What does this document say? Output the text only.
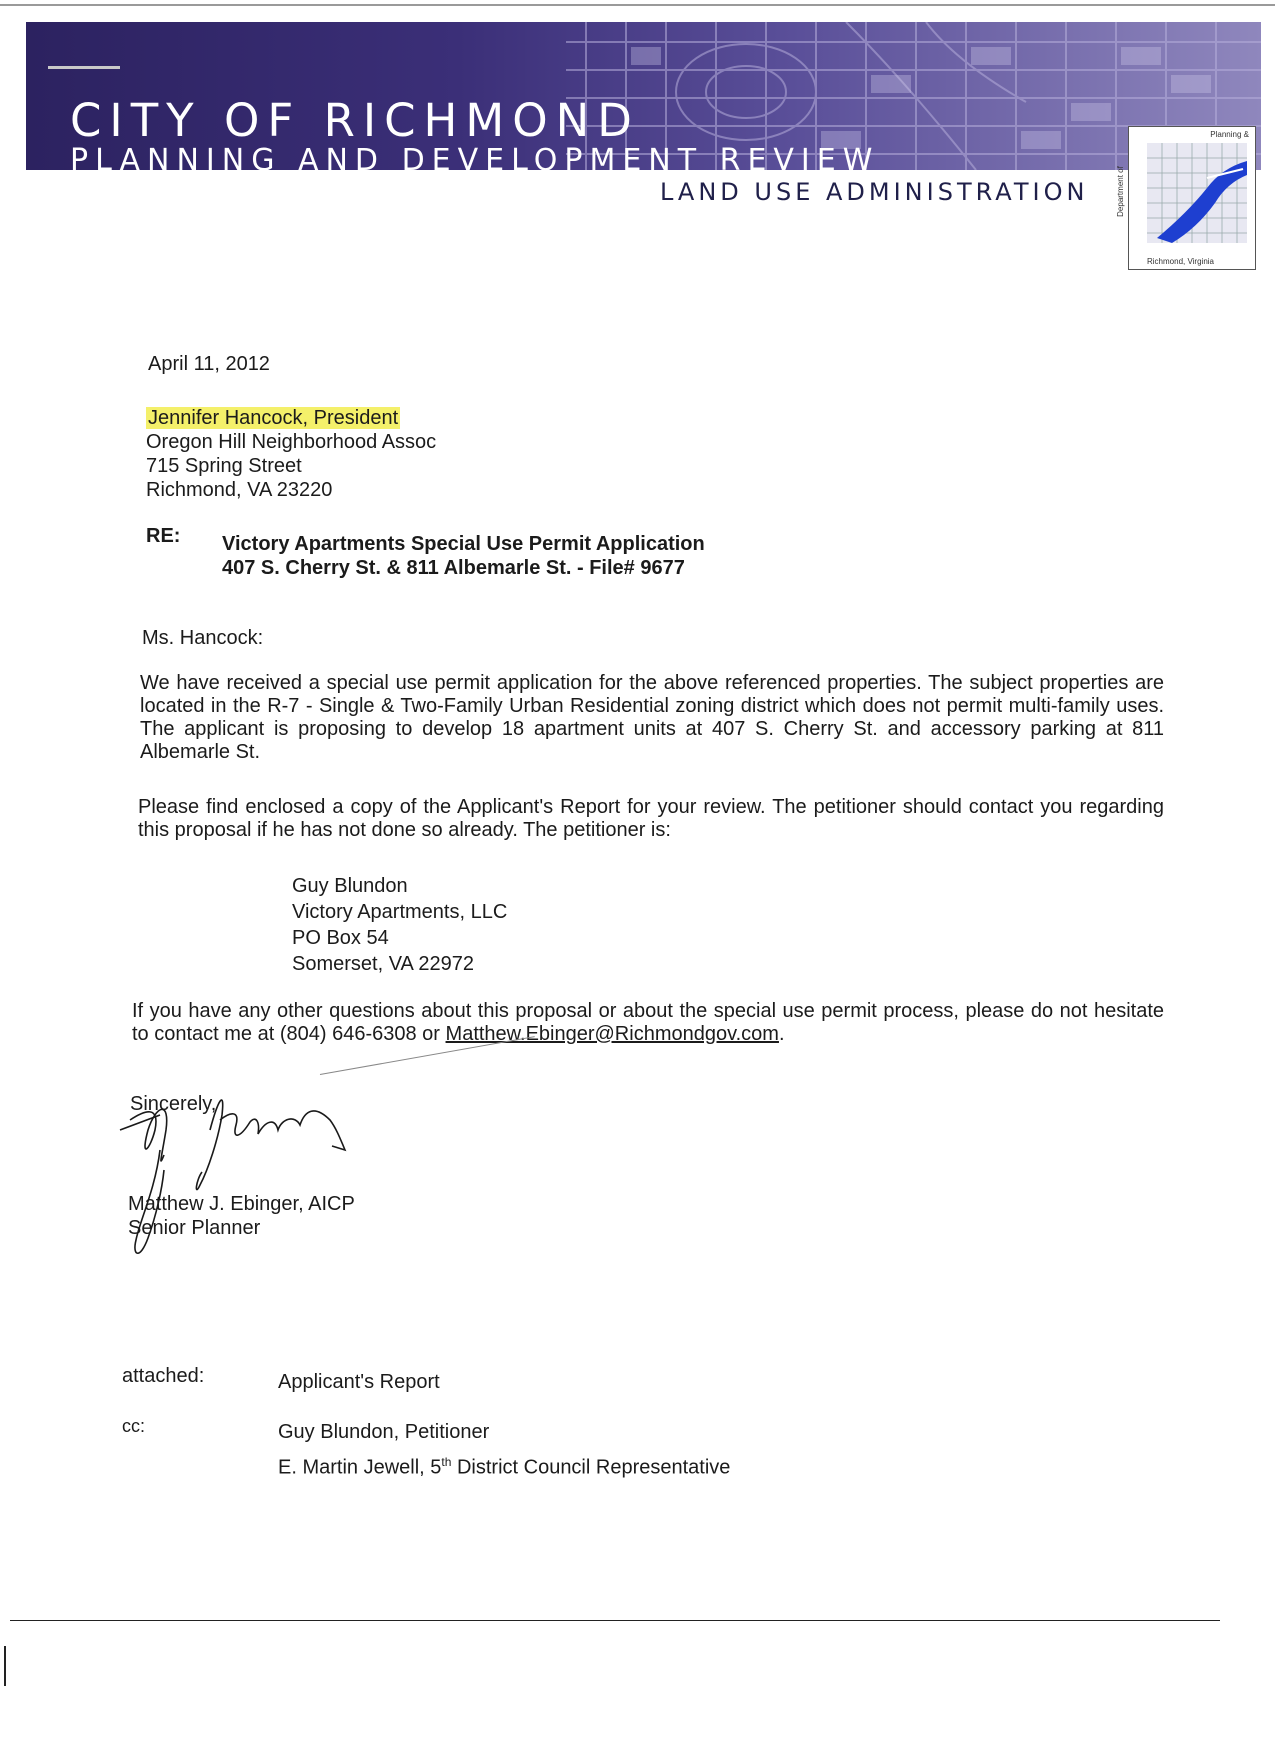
CITY OF RICHMOND
PLANNING AND DEVELOPMENT REVIEW
LAND USE ADMINISTRATION
Planning &
Department of
Richmond, Virginia
April 11, 2012
Jennifer Hancock, President
Oregon Hill Neighborhood Assoc
715 Spring Street
Richmond, VA 23220
RE: Victory Apartments Special Use Permit Application
407 S. Cherry St. & 811 Albemarle St. - File# 9677
Ms. Hancock:
We have received a special use permit application for the above referenced properties. The subject properties are located in the R-7 - Single & Two-Family Urban Residential zoning district which does not permit multi-family uses. The applicant is proposing to develop 18 apartment units at 407 S. Cherry St. and accessory parking at 811 Albemarle St.
Please find enclosed a copy of the Applicant's Report for your review. The petitioner should contact you regarding this proposal if he has not done so already. The petitioner is:
Guy Blundon
Victory Apartments, LLC
PO Box 54
Somerset, VA 22972
If you have any other questions about this proposal or about the special use permit process, please do not hesitate to contact me at (804) 646-6308 or Matthew.Ebinger@Richmondgov.com.
Sincerely,
Matthew J. Ebinger, AICP
Senior Planner
attached:	Applicant's Report
cc:	Guy Blundon, Petitioner
E. Martin Jewell, 5th District Council Representative
